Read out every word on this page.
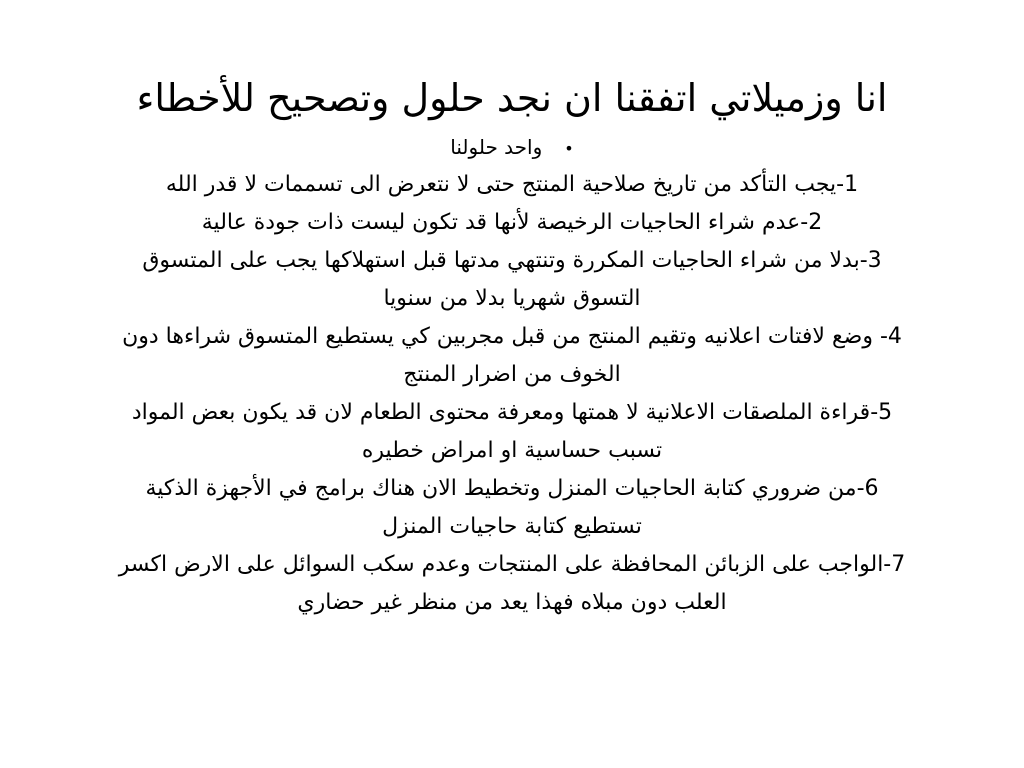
انا وزميلاتي اتفقنا ان نجد حلول وتصحيح للأخطاء
•واحد حلولنا
1-يجب التأكد من تاريخ صلاحية المنتج حتى لا نتعرض الى تسممات لا قدر الله
2-عدم شراء الحاجيات الرخيصة لأنها قد تكون ليست ذات جودة عالية
3-بدلا من شراء الحاجيات المكررة وتنتهي مدتها قبل استهلاكها يجب على المتسوق
التسوق شهريا بدلا من سنويا
4- وضع لافتات اعلانيه وتقيم المنتج من قبل مجربين كي يستطيع المتسوق شراءها دون
الخوف من اضرار المنتج
5-قراءة الملصقات الاعلانية لا همتها ومعرفة محتوى الطعام لان قد يكون بعض المواد
تسبب حساسية او امراض خطيره
6-من ضروري كتابة الحاجيات المنزل وتخطيط الان هناك برامج في الأجهزة الذكية
تستطيع كتابة حاجيات المنزل
7-الواجب على الزبائن المحافظة على المنتجات وعدم سكب السوائل على الارض اكسر
العلب دون مبلاه فهذا يعد من منظر غير حضاري
